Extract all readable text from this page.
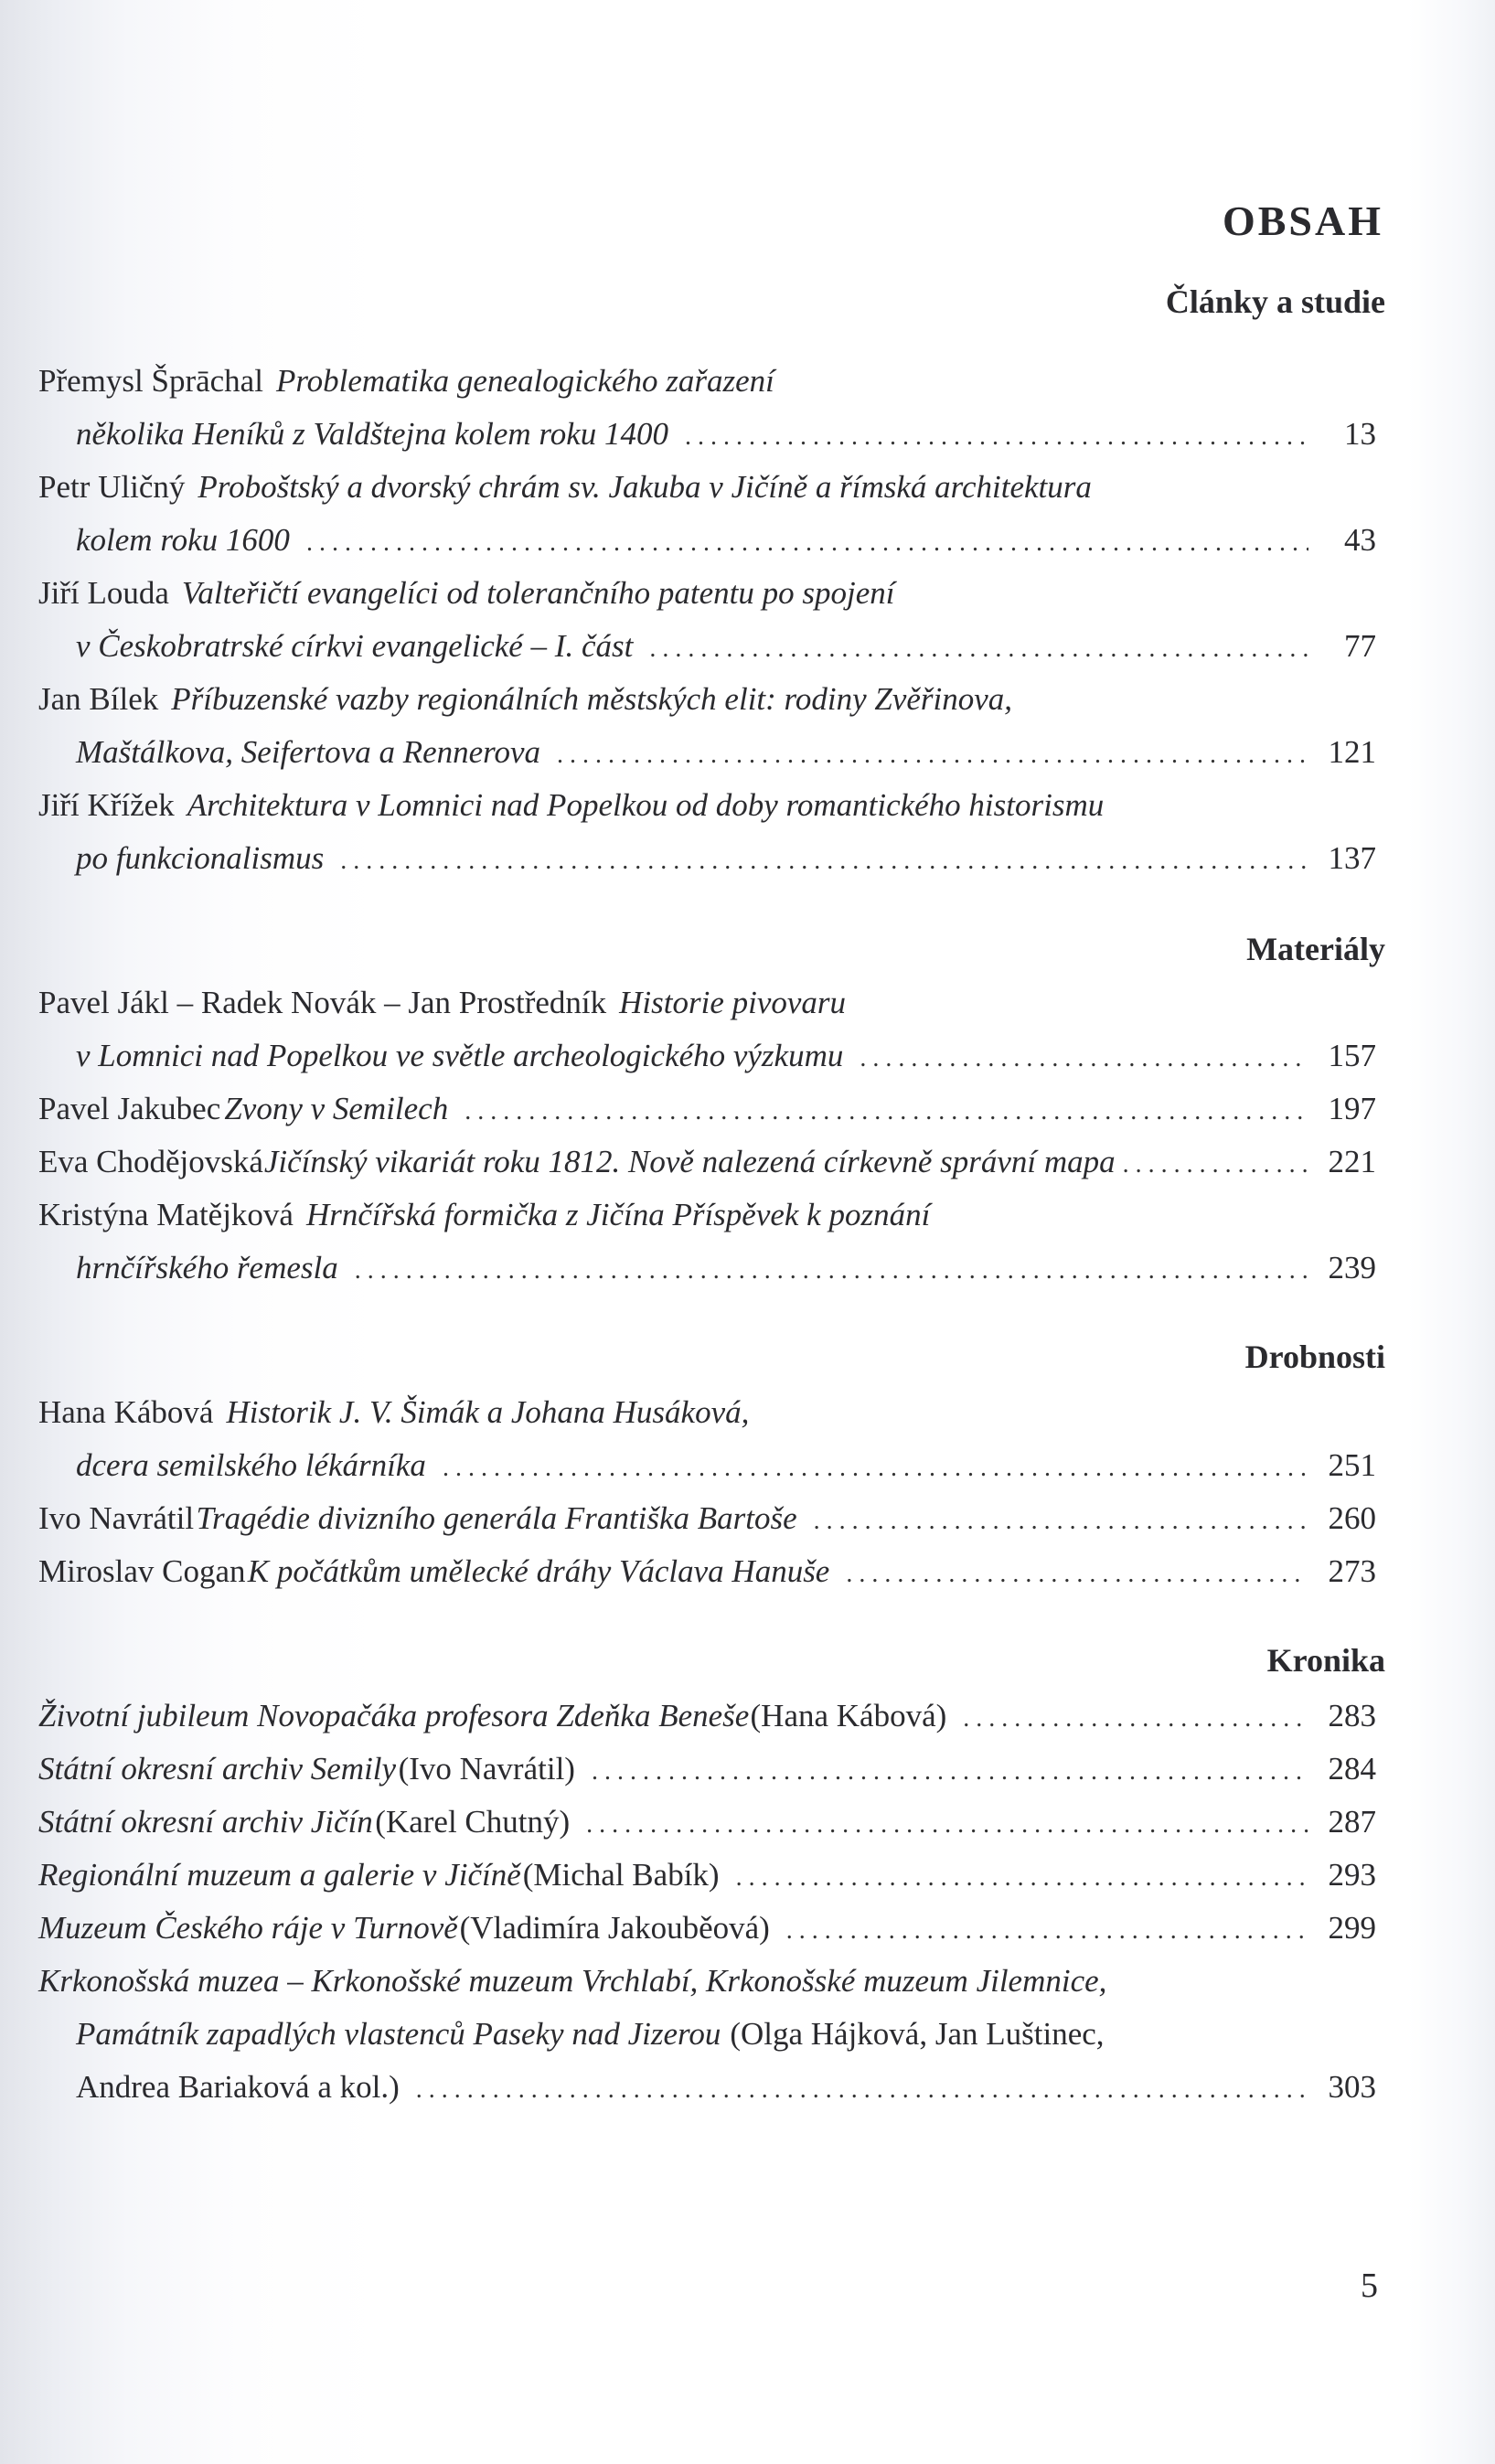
OBSAH
Články a studie
Přemysl Šprāchal Problematika genealogického zařazení
několika Heníků z Valdštejna kolem roku 1400 .....	13
Petr Uličný Proboštský a dvorský chrám sv. Jakuba v Jičíně a římská architektura
kolem roku 1600 .....	43
Jiří Louda Valteřičtí evangelíci od tolerančního patentu po spojení
v Českobratrské církvi evangelické – I. část .....	77
Jan Bílek Příbuzenské vazby regionálních městských elit: rodiny Zvěřinova,
Maštálkova, Seifertova a Rennerova .....	121
Jiří Křížek Architektura v Lomnici nad Popelkou od doby romantického historismu
po funkcionalismus .....	137
Materiály
Pavel Jákl – Radek Novák – Jan Prostředník Historie pivovaru
v Lomnici nad Popelkou ve světle archeologického výzkumu .....	157
Pavel Jakubec Zvony v Semilech .....	197
Eva Chodějovská Jičínský vikariát roku 1812. Nově nalezená církevně správní mapa .....	221
Kristýna Matějková Hrnčířská formička z Jičína Příspěvek k poznání
hrnčířského řemesla .....	239
Drobnosti
Hana Kábová Historik J. V. Šimák a Johana Husáková,
dcera semilského lékárníka .....	251
Ivo Navrátil Tragédie divizního generála Františka Bartoše .....	260
Miroslav Cogan K počátkům umělecké dráhy Václava Hanuše .....	273
Kronika
Životní jubileum Novopačáka profesora Zdeňka Beneše (Hana Kábová) .....	283
Státní okresní archiv Semily (Ivo Navrátil) .....	284
Státní okresní archiv Jičín (Karel Chutný) .....	287
Regionální muzeum a galerie v Jičíně (Michal Babík) .....	293
Muzeum Českého ráje v Turnově (Vladimíra Jakouběová) .....	299
Krkonošská muzea – Krkonošské muzeum Vrchlabí, Krkonošské muzeum Jilemnice,
Památník zapadlých vlastenců Paseky nad Jizerou (Olga Hájková, Jan Luštinec,
Andrea Bariaková a kol.) .....	303
5
